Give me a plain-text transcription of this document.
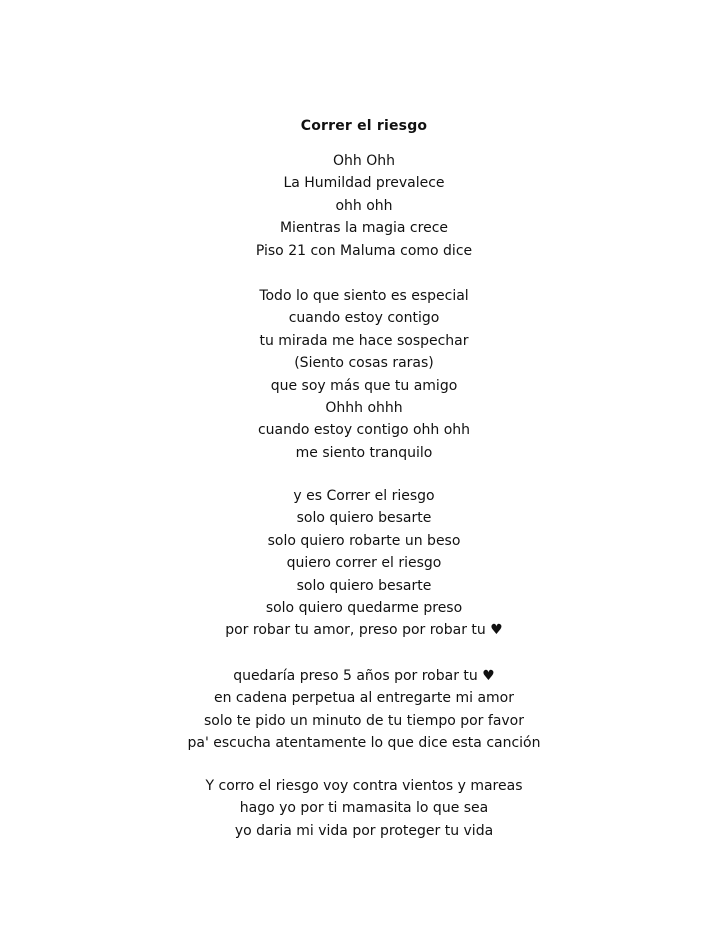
Correr el riesgo
Ohh Ohh
La Humildad prevalece
ohh ohh
Mientras la magia crece
Piso 21 con Maluma como dice
Todo lo que siento es especial
cuando estoy contigo
tu mirada me hace sospechar
(Siento cosas raras)
que soy más que tu amigo
Ohhh ohhh
cuando estoy contigo ohh ohh
me siento tranquilo
y es Correr el riesgo
solo quiero besarte
solo quiero robarte un beso
quiero correr el riesgo
solo quiero besarte
solo quiero quedarme preso
por robar tu amor, preso por robar tu ♥
quedaría preso 5 años por robar tu ♥
en cadena perpetua al entregarte mi amor
solo te pido un minuto de tu tiempo por favor
pa' escucha atentamente lo que dice esta canción
Y corro el riesgo voy contra vientos y mareas
hago yo por ti mamasita lo que sea
yo daria mi vida por proteger tu vida
